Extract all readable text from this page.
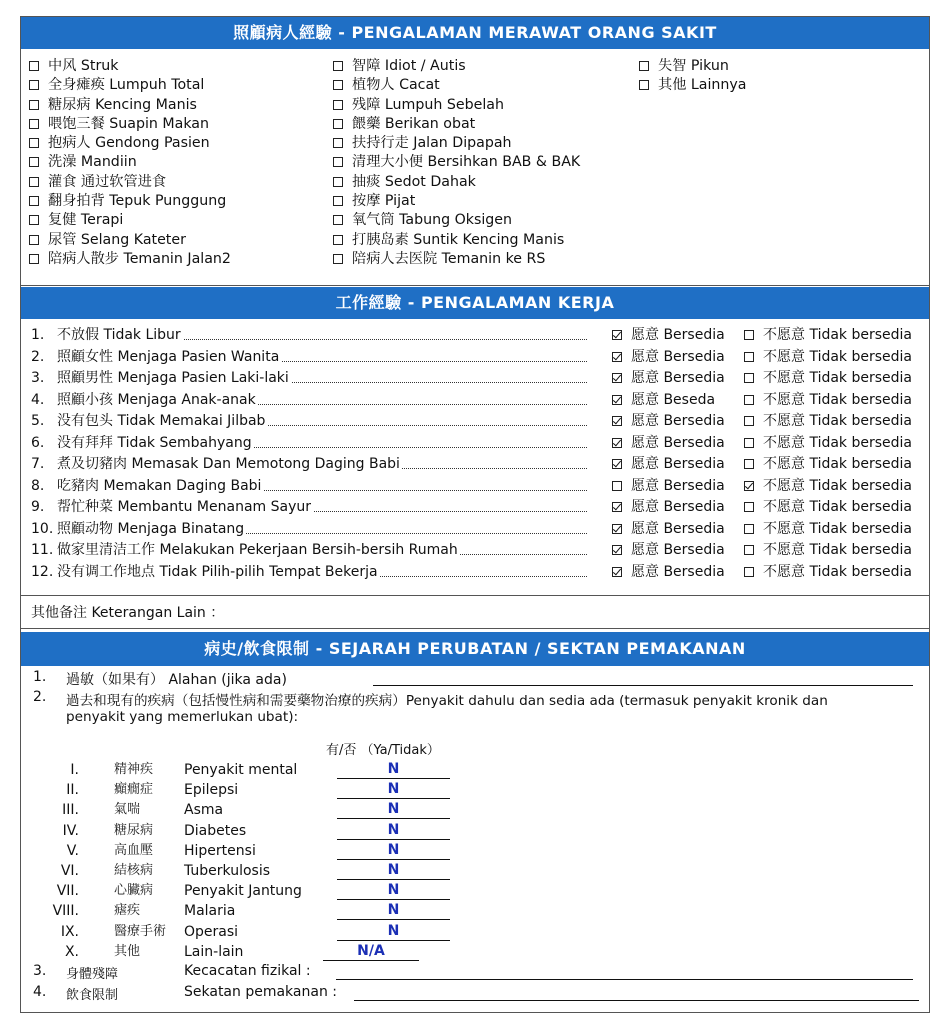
照顧病人經驗 - PENGALAMAN MERAWAT ORANG SAKIT
中风 Struk
全身瘫痪 Lumpuh Total
糖尿病 Kencing Manis
喂饱三餐 Suapin Makan
抱病人 Gendong Pasien
洗澡 Mandiin
灌食 通过软管进食
翻身拍背 Tepuk Punggung
复健 Terapi
尿管 Selang Kateter
陪病人散步 Temanin Jalan2
智障 Idiot / Autis
植物人 Cacat
残障 Lumpuh Sebelah
餵藥 Berikan obat
扶持行走 Jalan Dipapah
清理大小便 Bersihkan BAB & BAK
抽痰 Sedot Dahak
按摩 Pijat
氧气筒 Tabung Oksigen
打胰岛素 Suntik Kencing Manis
陪病人去医院 Temanin ke RS
失智 Pikun
其他 Lainnya
工作經驗 - PENGALAMAN KERJA
1. 不放假 Tidak Libur	愿意 Bersedia	不愿意 Tidak bersedia
2. 照顧女性 Menjaga Pasien Wanita	愿意 Bersedia	不愿意 Tidak bersedia
3. 照顧男性 Menjaga Pasien Laki-laki	愿意 Bersedia	不愿意 Tidak bersedia
4. 照顧小孩 Menjaga Anak-anak	愿意 Beseda	不愿意 Tidak bersedia
5. 没有包头 Tidak Memakai Jilbab	愿意 Bersedia	不愿意 Tidak bersedia
6. 没有拜拜 Tidak Sembahyang	愿意 Bersedia	不愿意 Tidak bersedia
7. 煮及切豬肉 Memasak Dan Memotong Daging Babi	愿意 Bersedia	不愿意 Tidak bersedia
8. 吃豬肉 Memakan Daging Babi	愿意 Bersedia	不愿意 Tidak bersedia
9. 帮忙种菜 Membantu Menanam Sayur	愿意 Bersedia	不愿意 Tidak bersedia
10. 照顧动物 Menjaga Binatang	愿意 Bersedia	不愿意 Tidak bersedia
11. 做家里清洁工作 Melakukan Pekerjaan Bersih-bersih Rumah	愿意 Bersedia	不愿意 Tidak bersedia
12. 没有调工作地点 Tidak Pilih-pilih Tempat Bekerja	愿意 Bersedia	不愿意 Tidak bersedia
其他备注 Keterangan Lain ：
病史/飲食限制 - SEJARAH PERUBATAN / SEKTAN PEMAKANAN
1. 過敏（如果有） Alahan (jika ada)
2. 過去和現有的疾病（包括慢性病和需要藥物治療的疾病）Penyakit dahulu dan sedia ada (termasuk penyakit kronik dan
penyakit yang memerlukan ubat):
有/否 （Ya/Tidak）
I.	精神疾 Penyakit mental	N
II.	癲癇症 Epilepsi	N
III.	氣喘	Asma	N
IV.	糖尿病 Diabetes	N
V.	高血壓 Hipertensi	N
VI.	結核病 Tuberkulosis	N
VII.	心臟病 Penyakit Jantung	N
VIII.	瘧疾	Malaria	N
IX.	醫療手術 Operasi	N
X.	其他	Lain-lain	N/A
3. 身體殘障	Kecacatan fizikal :
4. 飲食限制	Sekatan pemakanan :
